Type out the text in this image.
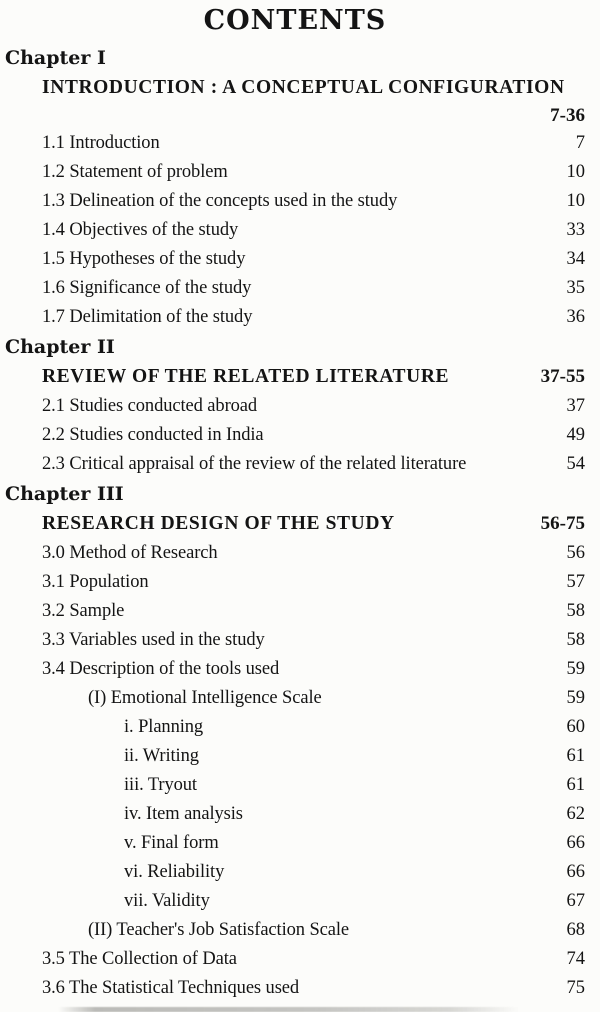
CONTENTS
Chapter I
INTRODUCTION : A CONCEPTUAL CONFIGURATION
7-36
1.1 Introduction	7
1.2 Statement of problem	10
1.3 Delineation of the concepts used in the study	10
1.4 Objectives of the study	33
1.5 Hypotheses of the study	34
1.6 Significance of the study	35
1.7 Delimitation of the study	36
Chapter II
REVIEW OF THE RELATED LITERATURE	37-55
2.1 Studies conducted abroad	37
2.2 Studies conducted in India	49
2.3 Critical appraisal of the review of the related literature	54
Chapter III
RESEARCH DESIGN OF THE STUDY	56-75
3.0 Method of Research	56
3.1 Population	57
3.2 Sample	58
3.3 Variables used in the study	58
3.4 Description of the tools used	59
(I) Emotional Intelligence Scale	59
i. Planning	60
ii. Writing	61
iii. Tryout	61
iv. Item analysis	62
v. Final form	66
vi. Reliability	66
vii. Validity	67
(II) Teacher's Job Satisfaction Scale	68
3.5 The Collection of Data	74
3.6 The Statistical Techniques used	75
